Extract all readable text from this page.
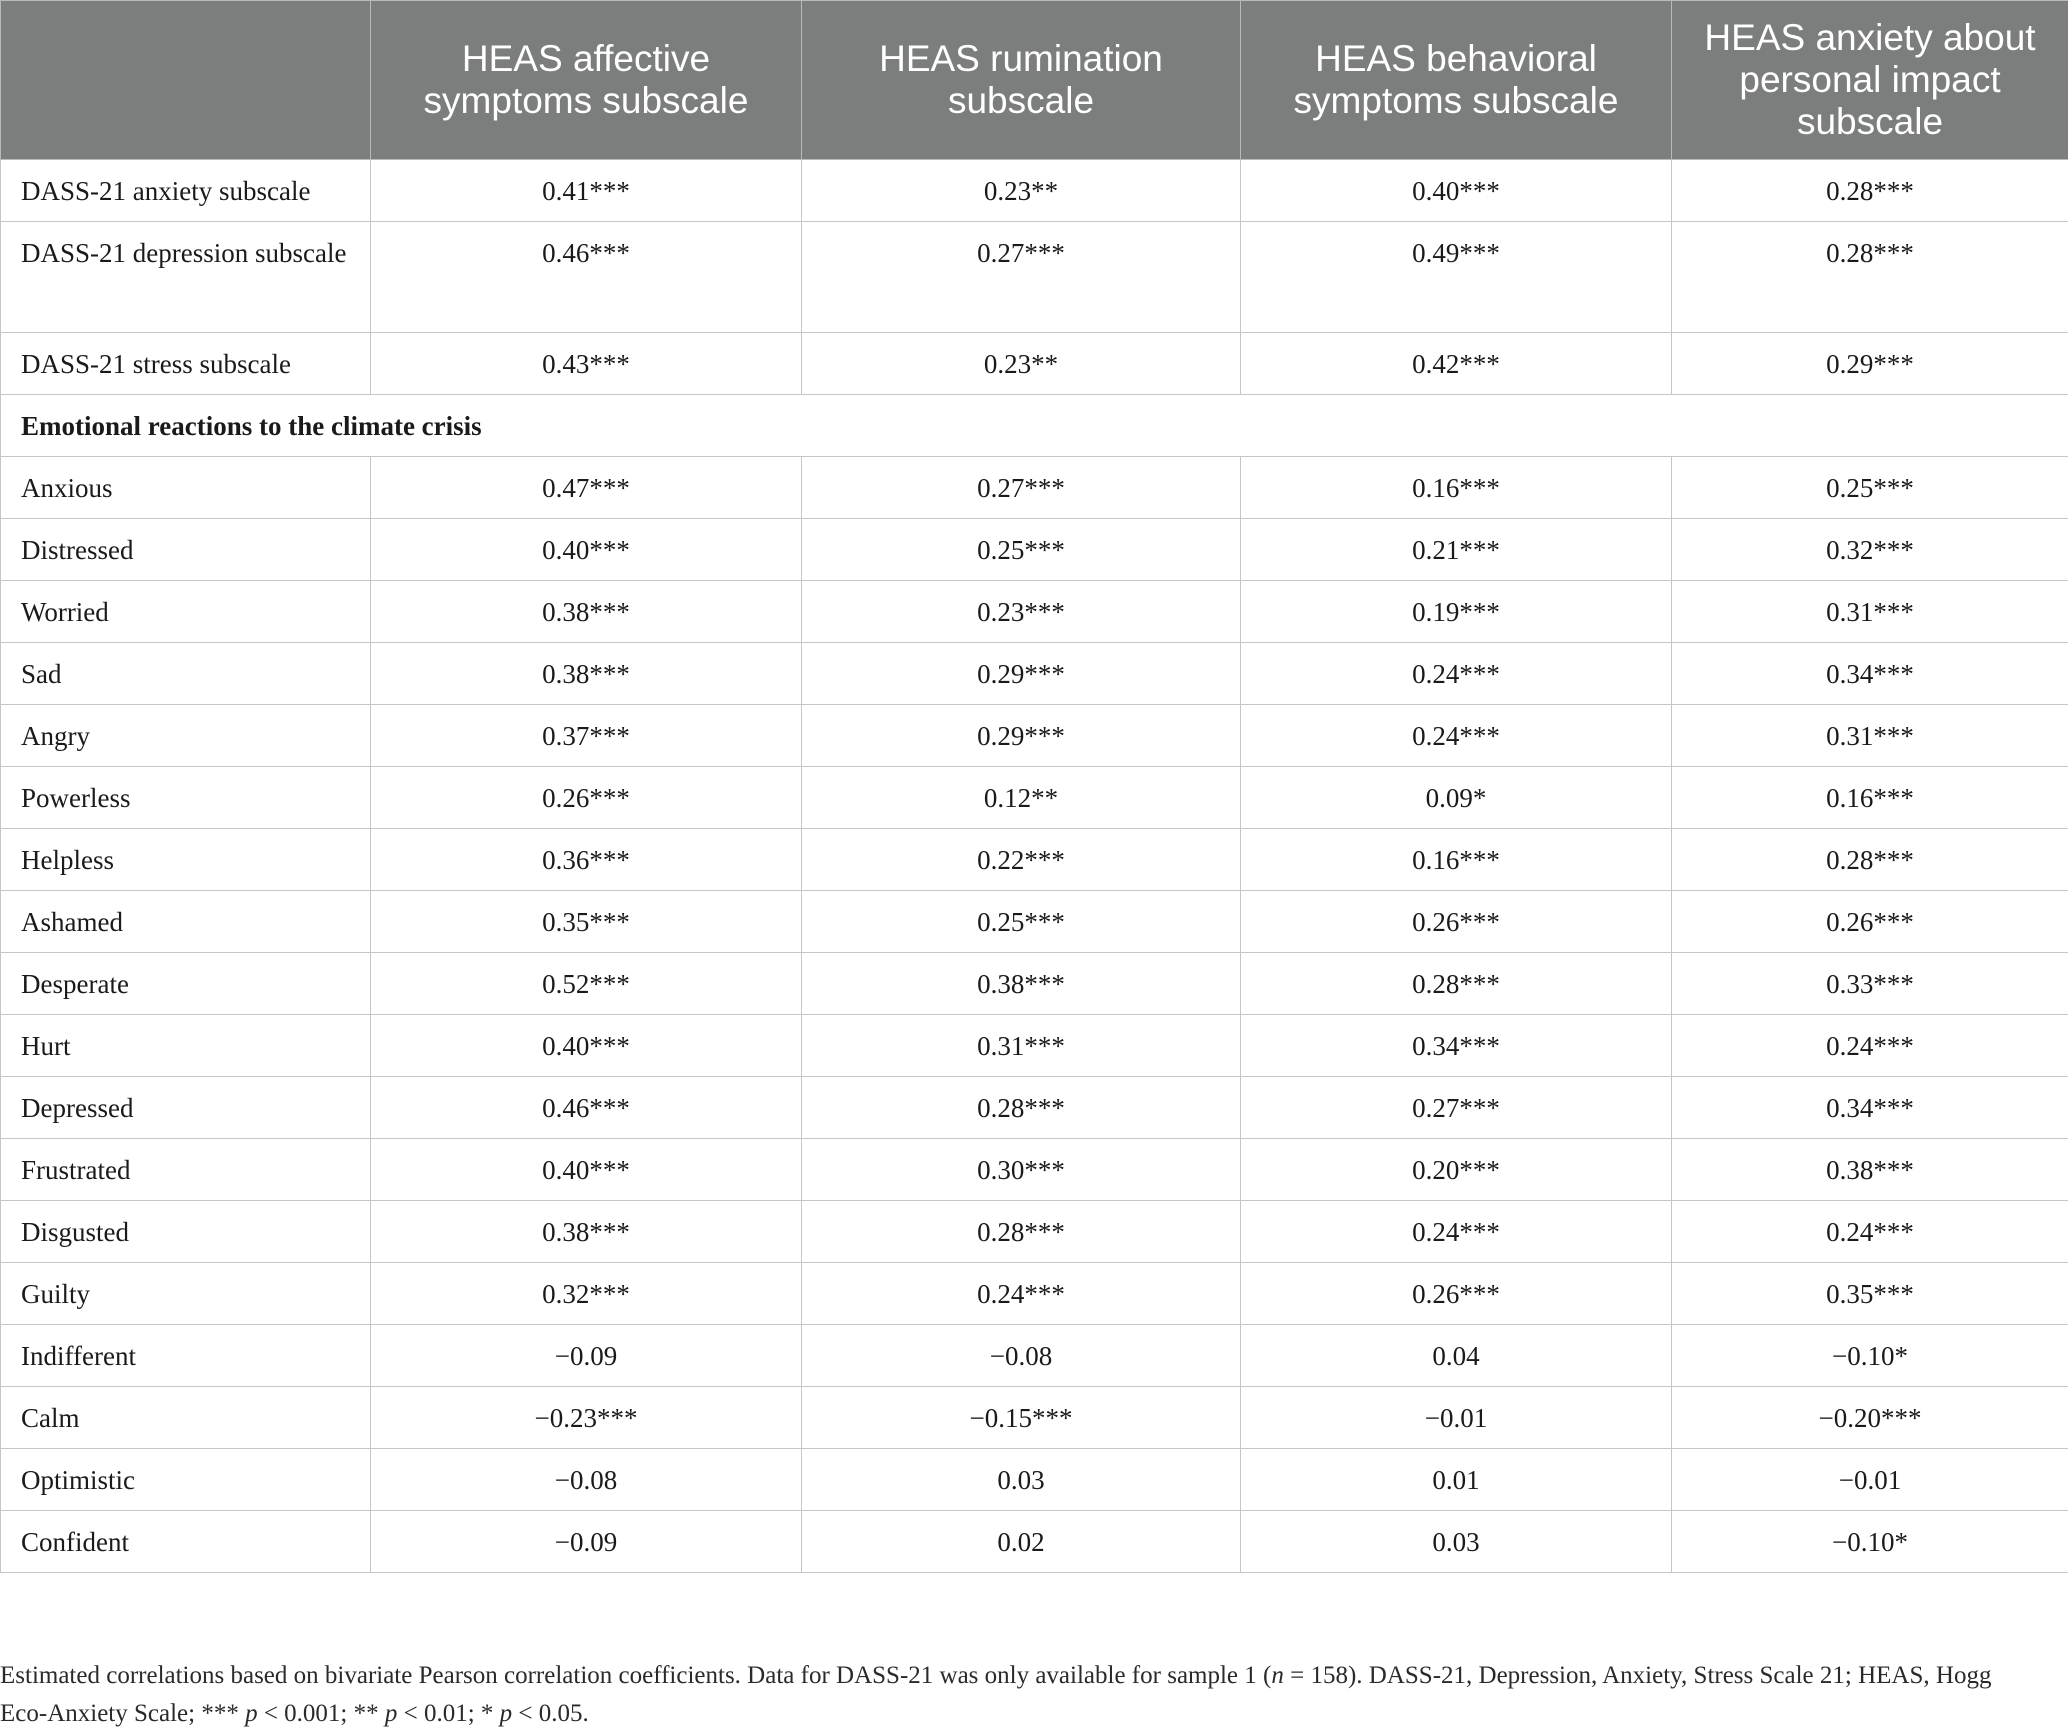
	HEAS affective symptoms subscale	HEAS rumination subscale	HEAS behavioral symptoms subscale	HEAS anxiety about personal impact subscale
DASS-21 anxiety subscale	0.41***	0.23**	0.40***	0.28***
DASS-21 depression subscale	0.46***	0.27***	0.49***	0.28***
DASS-21 stress subscale	0.43***	0.23**	0.42***	0.29***
Emotional reactions to the climate crisis				
Anxious	0.47***	0.27***	0.16***	0.25***
Distressed	0.40***	0.25***	0.21***	0.32***
Worried	0.38***	0.23***	0.19***	0.31***
Sad	0.38***	0.29***	0.24***	0.34***
Angry	0.37***	0.29***	0.24***	0.31***
Powerless	0.26***	0.12**	0.09*	0.16***
Helpless	0.36***	0.22***	0.16***	0.28***
Ashamed	0.35***	0.25***	0.26***	0.26***
Desperate	0.52***	0.38***	0.28***	0.33***
Hurt	0.40***	0.31***	0.34***	0.24***
Depressed	0.46***	0.28***	0.27***	0.34***
Frustrated	0.40***	0.30***	0.20***	0.38***
Disgusted	0.38***	0.28***	0.24***	0.24***
Guilty	0.32***	0.24***	0.26***	0.35***
Indifferent	−0.09	−0.08	0.04	−0.10*
Calm	−0.23***	−0.15***	−0.01	−0.20***
Optimistic	−0.08	0.03	0.01	−0.01
Confident	−0.09	0.02	0.03	−0.10*

Estimated correlations based on bivariate Pearson correlation coefficients. Data for DASS-21 was only available for sample 1 (n = 158). DASS-21, Depression, Anxiety, Stress Scale 21; HEAS, Hogg Eco-Anxiety Scale; *** p < 0.001; ** p < 0.01; * p < 0.05.
